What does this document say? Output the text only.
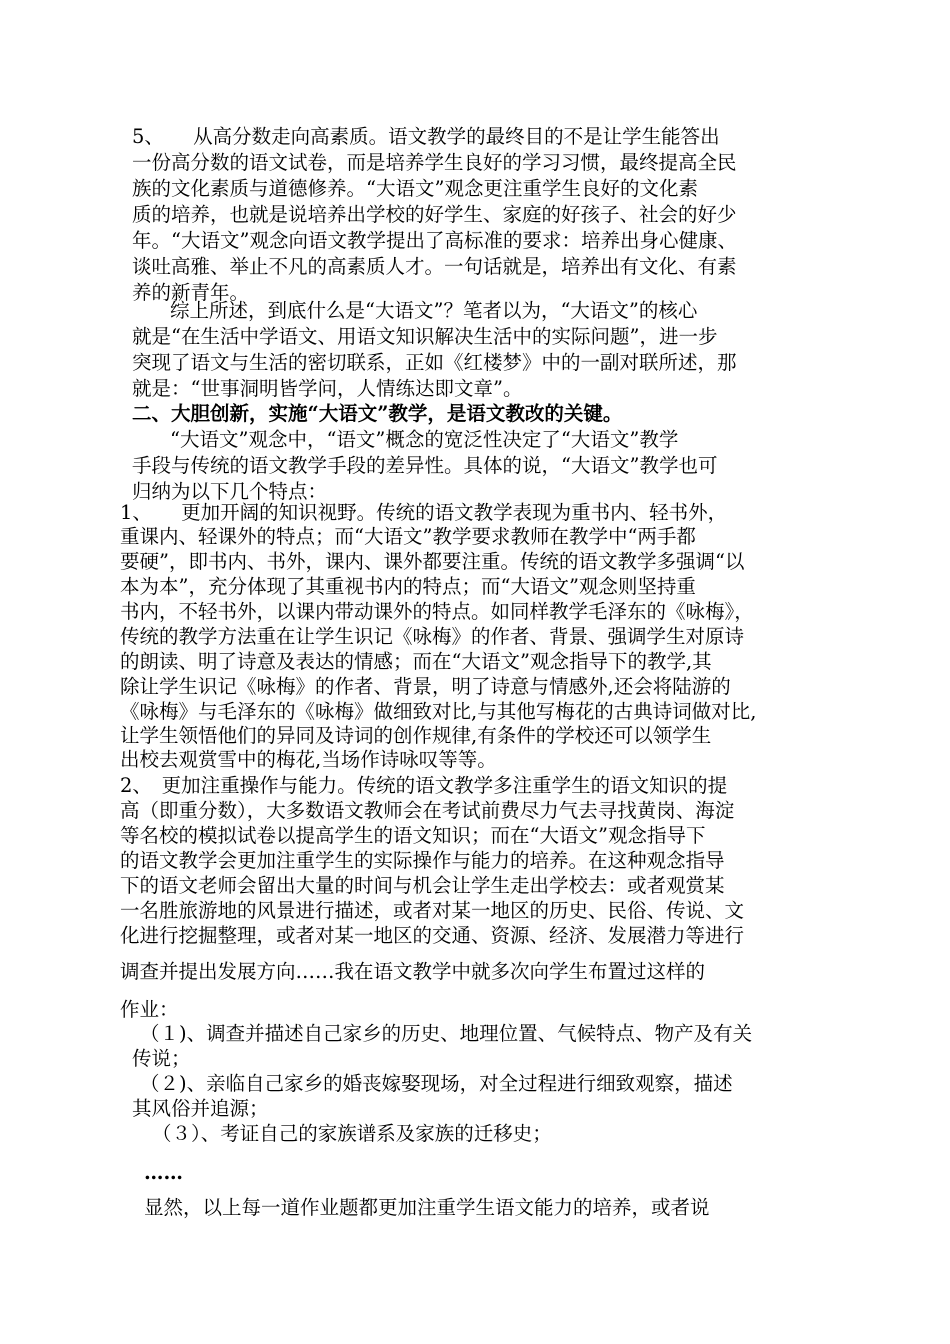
5、　　从高分数走向高素质。语文教学的最终目的不是让学生能答出
一份高分数的语文试卷，而是培养学生良好的学习习惯，最终提高全民
族的文化素质与道德修养。“大语文”观念更注重学生良好的文化素
质的培养，也就是说培养出学校的好学生、家庭的好孩子、社会的好少
年。“大语文”观念向语文教学提出了高标准的要求：培养出身心健康、
谈吐高雅、举止不凡的高素质人才。一句话就是，培养出有文化、有素
养的新青年。
综上所述，到底什么是“大语文”？笔者以为，“大语文”的核心
就是“在生活中学语文、用语文知识解决生活中的实际问题”，进一步
突现了语文与生活的密切联系，正如《红楼梦》中的一副对联所述，那
就是：“世事洞明皆学问，人情练达即文章”。
二、大胆创新，实施“大语文”教学，是语文教改的关键。
“大语文”观念中，“语文”概念的宽泛性决定了“大语文”教学
手段与传统的语文教学手段的差异性。具体的说，“大语文”教学也可
归纳为以下几个特点：
1、　　更加开阔的知识视野。传统的语文教学表现为重书内、轻书外，
重课内、轻课外的特点；而“大语文”教学要求教师在教学中“两手都
要硬”，即书内、书外，课内、课外都要注重。传统的语文教学多强调“以
本为本”，充分体现了其重视书内的特点；而“大语文”观念则坚持重
书内，不轻书外，以课内带动课外的特点。如同样教学毛泽东的《咏梅》，
传统的教学方法重在让学生识记《咏梅》的作者、背景、强调学生对原诗
的朗读、明了诗意及表达的情感；而在“大语文”观念指导下的教学,其
除让学生识记《咏梅》的作者、背景，明了诗意与情感外,还会将陆游的
《咏梅》与毛泽东的《咏梅》做细致对比,与其他写梅花的古典诗词做对比,
让学生领悟他们的异同及诗词的创作规律,有条件的学校还可以领学生
出校去观赏雪中的梅花,当场作诗咏叹等等。
2、　更加注重操作与能力。传统的语文教学多注重学生的语文知识的提
高（即重分数），大多数语文教师会在考试前费尽力气去寻找黄岗、海淀
等名校的模拟试卷以提高学生的语文知识；而在“大语文”观念指导下
的语文教学会更加注重学生的实际操作与能力的培养。在这种观念指导
下的语文老师会留出大量的时间与机会让学生走出学校去：或者观赏某
一名胜旅游地的风景进行描述，或者对某一地区的历史、民俗、传说、文
化进行挖掘整理，或者对某一地区的交通、资源、经济、发展潜力等进行
调查并提出发展方向……我在语文教学中就多次向学生布置过这样的
作业：
（１)、调查并描述自己家乡的历史、地理位置、气候特点、物产及有关
传说；
（２)、亲临自己家乡的婚丧嫁娶现场，对全过程进行细致观察，描述
其风俗并追源；
（３）、考证自己的家族谱系及家族的迁移史；
……
显然，以上每一道作业题都更加注重学生语文能力的培养，或者说
